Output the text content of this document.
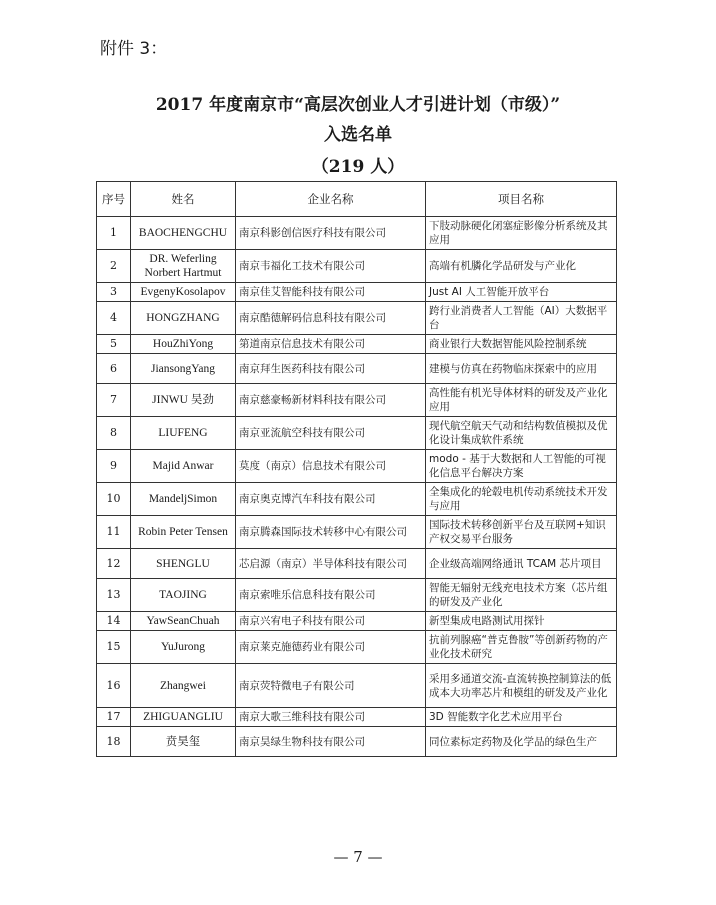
附件 3：
2017 年度南京市“高层次创业人才引进计划（市级）”
入选名单
（219 人）
序号	姓名	企业名称	项目名称
1	BAOCHENGCHU	南京科影创信医疗科技有限公司	下肢动脉硬化闭塞症影像分析系统及其应用
2	DR. Weferling Norbert Hartmut	南京韦福化工技术有限公司	高端有机膦化学品研发与产业化
3	EvgenyKosolapov	南京佳艾智能科技有限公司	Just AI 人工智能开放平台
4	HONGZHANG	南京酷德解码信息科技有限公司	跨行业消费者人工智能（AI）大数据平台
5	HouZhiYong	第道南京信息技术有限公司	商业银行大数据智能风险控制系统
6	JiansongYang	南京拜生医药科技有限公司	建模与仿真在药物临床探索中的应用
7	JINWU 吴劲	南京慈豪畅新材料科技有限公司	高性能有机光导体材料的研发及产业化应用
8	LIUFENG	南京亚流航空科技有限公司	现代航空航天气动和结构数值模拟及优化设计集成软件系统
9	Majid Anwar	莫度（南京）信息技术有限公司	modo - 基于大数据和人工智能的可视化信息平台解决方案
10	MandeljSimon	南京奥克博汽车科技有限公司	全集成化的轮毂电机传动系统技术开发与应用
11	Robin Peter Tensen	南京腾森国际技术转移中心有限公司	国际技术转移创新平台及互联网+知识产权交易平台服务
12	SHENGLU	芯启源（南京）半导体科技有限公司	企业级高端网络通讯 TCAM 芯片项目
13	TAOJING	南京索唯乐信息科技有限公司	智能无辐射无线充电技术方案（芯片组的研发及产业化
14	YawSeanChuah	南京兴宥电子科技有限公司	新型集成电路测试用探针
15	YuJurong	南京莱克施德药业有限公司	抗前列腺癌“普克鲁胺”等创新药物的产业化技术研究
16	Zhangwei	南京荧特微电子有限公司	采用多通道交流-直流转换控制算法的低成本大功率芯片和模组的研发及产业化
17	ZHIGUANGLIU	南京大歌三维科技有限公司	3D 智能数字化艺术应用平台
18	贲昊玺	南京昊绿生物科技有限公司	同位素标定药物及化学品的绿色生产
— 7 —
